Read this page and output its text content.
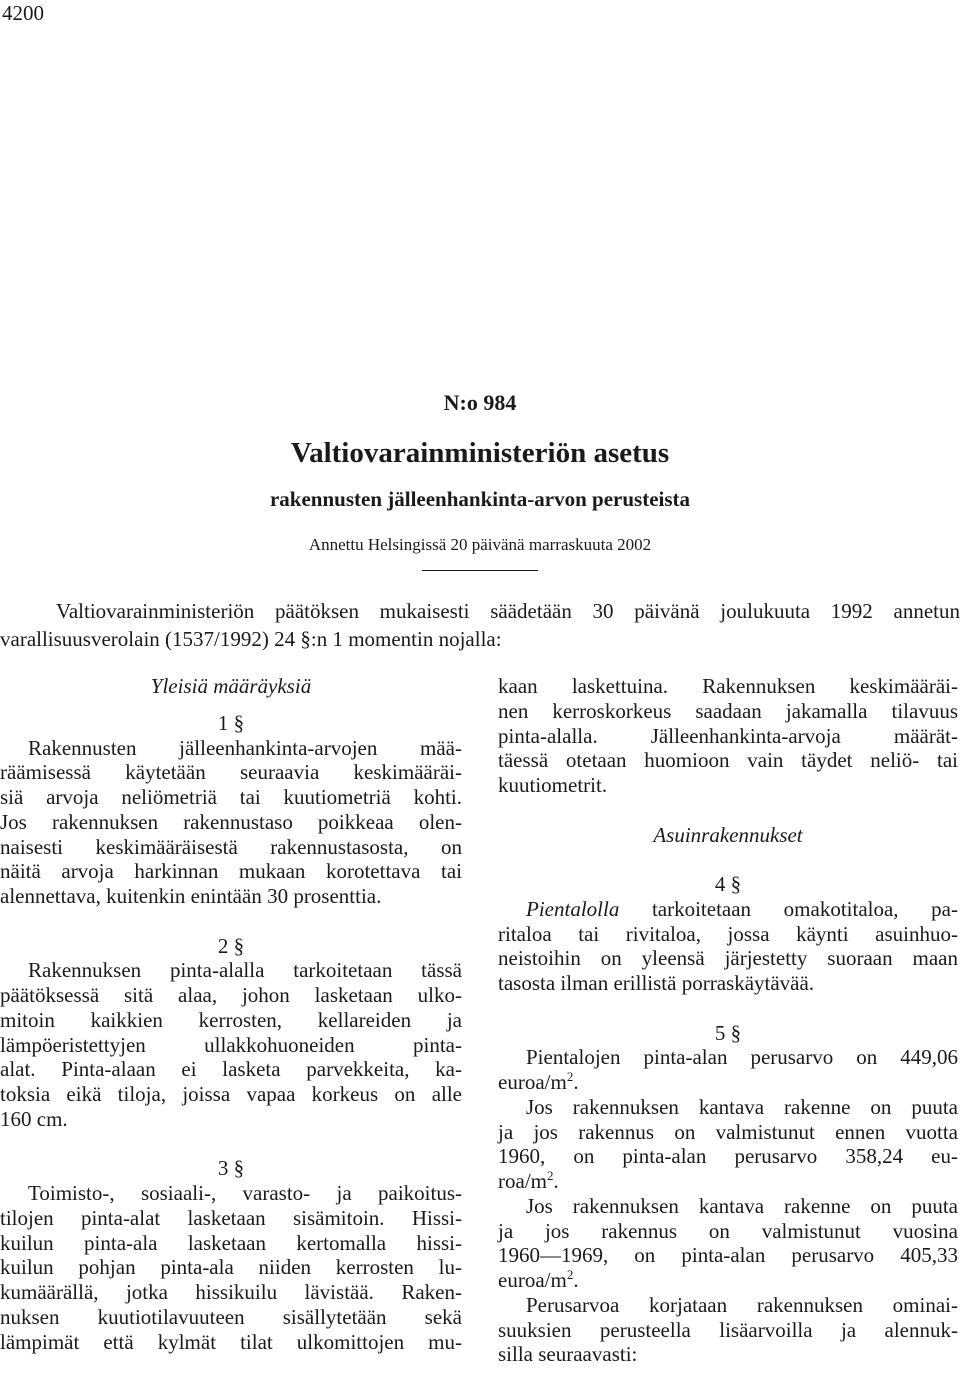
4200
N:o 984
Valtiovarainministeriön asetus
rakennusten jälleenhankinta-arvon perusteista
Annettu Helsingissä 20 päivänä marraskuuta 2002
Valtiovarainministeriön päätöksen mukaisesti säädetään 30 päivänä joulukuuta 1992 annetun
varallisuusverolain (1537/1992) 24 §:n 1 momentin nojalla:
Yleisiä määräyksiä
1 §
Rakennusten jälleenhankinta-arvojen mää-
räämisessä käytetään seuraavia keskimääräi-
siä arvoja neliömetriä tai kuutiometriä kohti.
Jos rakennuksen rakennustaso poikkeaa olen-
naisesti keskimääräisestä rakennustasosta, on
näitä arvoja harkinnan mukaan korotettava tai
alennettava, kuitenkin enintään 30 prosenttia.
2 §
Rakennuksen pinta-alalla tarkoitetaan tässä
päätöksessä sitä alaa, johon lasketaan ulko-
mitoin kaikkien kerrosten, kellareiden ja
lämpöeristettyjen ullakkohuoneiden pinta-
alat. Pinta-alaan ei lasketa parvekkeita, ka-
toksia eikä tiloja, joissa vapaa korkeus on alle
160 cm.
3 §
Toimisto-, sosiaali-, varasto- ja paikoitus-
tilojen pinta-alat lasketaan sisämitoin. Hissi-
kuilun pinta-ala lasketaan kertomalla hissi-
kuilun pohjan pinta-ala niiden kerrosten lu-
kumäärällä, jotka hissikuilu lävistää. Raken-
nuksen kuutiotilavuuteen sisällytetään sekä
lämpimät että kylmät tilat ulkomittojen mu-
kaan laskettuina. Rakennuksen keskimääräi-
nen kerroskorkeus saadaan jakamalla tilavuus
pinta-alalla. Jälleenhankinta-arvoja määrät-
täessä otetaan huomioon vain täydet neliö- tai
kuutiometrit.
Asuinrakennukset
4 §
Pientalolla tarkoitetaan omakotitaloa, pa-
ritaloa tai rivitaloa, jossa käynti asuinhuo-
neistoihin on yleensä järjestetty suoraan maan
tasosta ilman erillistä porraskäytävää.
5 §
Pientalojen pinta-alan perusarvo on 449,06
euroa/$m^2$.
Jos rakennuksen kantava rakenne on puuta
ja jos rakennus on valmistunut ennen vuotta
1960, on pinta-alan perusarvo 358,24 eu-
roa/$m^2$.
Jos rakennuksen kantava rakenne on puuta
ja jos rakennus on valmistunut vuosina
1960—1969, on pinta-alan perusarvo 405,33
euroa/$m^2$.
Perusarvoa korjataan rakennuksen ominai-
suuksien perusteella lisäarvoilla ja alennuk-
silla seuraavasti:
